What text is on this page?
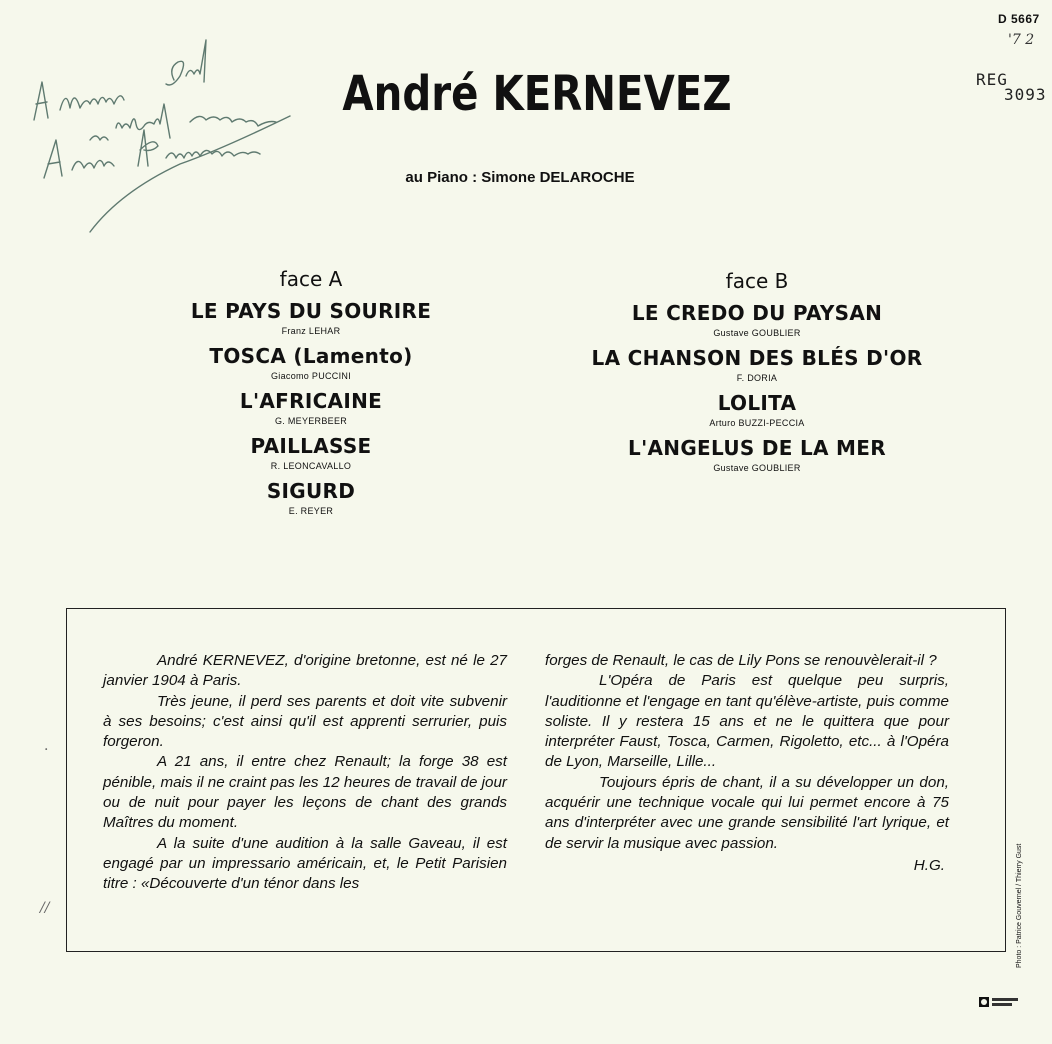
D 5667
'7 2
REG
3093
André KERNEVEZ
au Piano : Simone DELAROCHE
face A
LE PAYS DU SOURIRE
Franz LEHAR
TOSCA (Lamento)
Giacomo PUCCINI
L'AFRICAINE
G. MEYERBEER
PAILLASSE
R. LEONCAVALLO
SIGURD
E. REYER
face B
LE CREDO DU PAYSAN
Gustave GOUBLIER
LA CHANSON DES BLÉS D'OR
F. DORIA
LOLITA
Arturo BUZZI-PECCIA
L'ANGELUS DE LA MER
Gustave GOUBLIER

André KERNEVEZ, d'origine bretonne, est né le 27 janvier 1904 à Paris.

Très jeune, il perd ses parents et doit vite subvenir à ses besoins; c'est ainsi qu'il est apprenti serrurier, puis forgeron.

A 21 ans, il entre chez Renault; la forge 38 est pénible, mais il ne craint pas les 12 heures de travail de jour ou de nuit pour payer les leçons de chant des grands Maîtres du moment.

A la suite d'une audition à la salle Gaveau, il est engagé par un impressario américain, et, le Petit Parisien titre : «Découverte d'un ténor dans les

forges de Renault, le cas de Lily Pons se renouvèlerait-il ?

L'Opéra de Paris est quelque peu surpris, l'auditionne et l'engage en tant qu'élève-artiste, puis comme soliste. Il y restera 15 ans et ne le quittera que pour interpréter Faust, Tosca, Carmen, Rigoletto, etc... à l'Opéra de Lyon, Marseille, Lille...

Toujours épris de chant, il a su développer un don, acquérir une technique vocale qui lui permet encore à 75 ans d'interpréter avec une grande sensibilité l'art lyrique, et de servir la musique avec passion.

H.G.

·
//	Photo : Patrice Gouvernel / Thierry Gust
